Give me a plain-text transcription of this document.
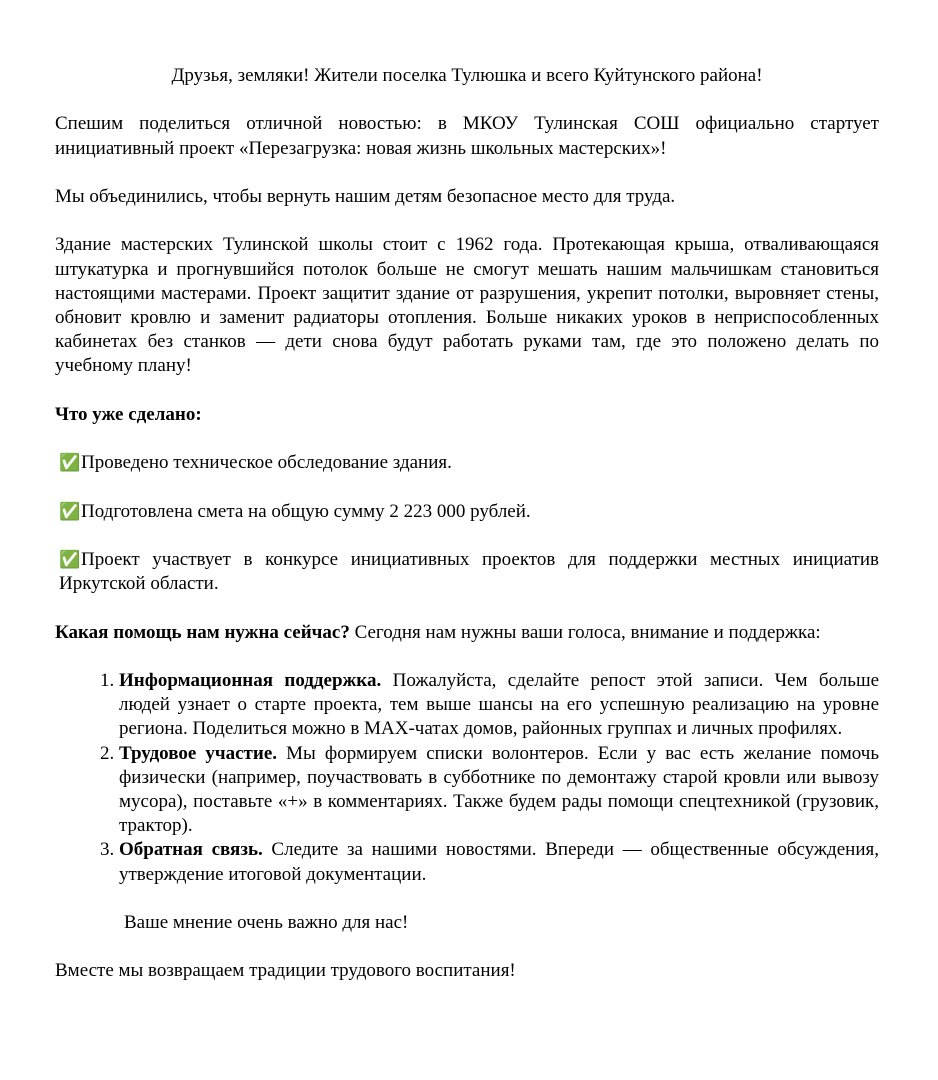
Друзья, земляки! Жители поселка Тулюшка и всего Куйтунского района!

Спешим поделиться отличной новостью: в МКОУ Тулинская СОШ официально стартует инициативный проект «Перезагрузка: новая жизнь школьных мастерских»!

Мы объединились, чтобы вернуть нашим детям безопасное место для труда.

Здание мастерских Тулинской школы стоит с 1962 года. Протекающая крыша, отваливающаяся штукатурка и прогнувшийся потолок больше не смогут мешать нашим мальчишкам становиться настоящими мастерами. Проект защитит здание от разрушения, укрепит потолки, выровняет стены, обновит кровлю и заменит радиаторы отопления. Больше никаких уроков в неприспособленных кабинетах без станков — дети снова будут работать руками там, где это положено делать по учебному плану!

Что уже сделано:

✅Проведено техническое обследование здания.

✅Подготовлена смета на общую сумму 2 223 000 рублей.

✅Проект участвует в конкурсе инициативных проектов для поддержки местных инициатив Иркутской области.

Какая помощь нам нужна сейчас? Сегодня нам нужны ваши голоса, внимание и поддержка:

1. Информационная поддержка. Пожалуйста, сделайте репост этой записи. Чем больше людей узнает о старте проекта, тем выше шансы на его успешную реализацию на уровне региона. Поделиться можно в MAX-чатах домов, районных группах и личных профилях.
2. Трудовое участие. Мы формируем списки волонтеров. Если у вас есть желание помочь физически (например, поучаствовать в субботнике по демонтажу старой кровли или вывозу мусора), поставьте «+» в комментариях. Также будем рады помощи спецтехникой (грузовик, трактор).
3. Обратная связь. Следите за нашими новостями. Впереди — общественные обсуждения, утверждение итоговой документации.

Ваше мнение очень важно для нас!

Вместе мы возвращаем традиции трудового воспитания!
